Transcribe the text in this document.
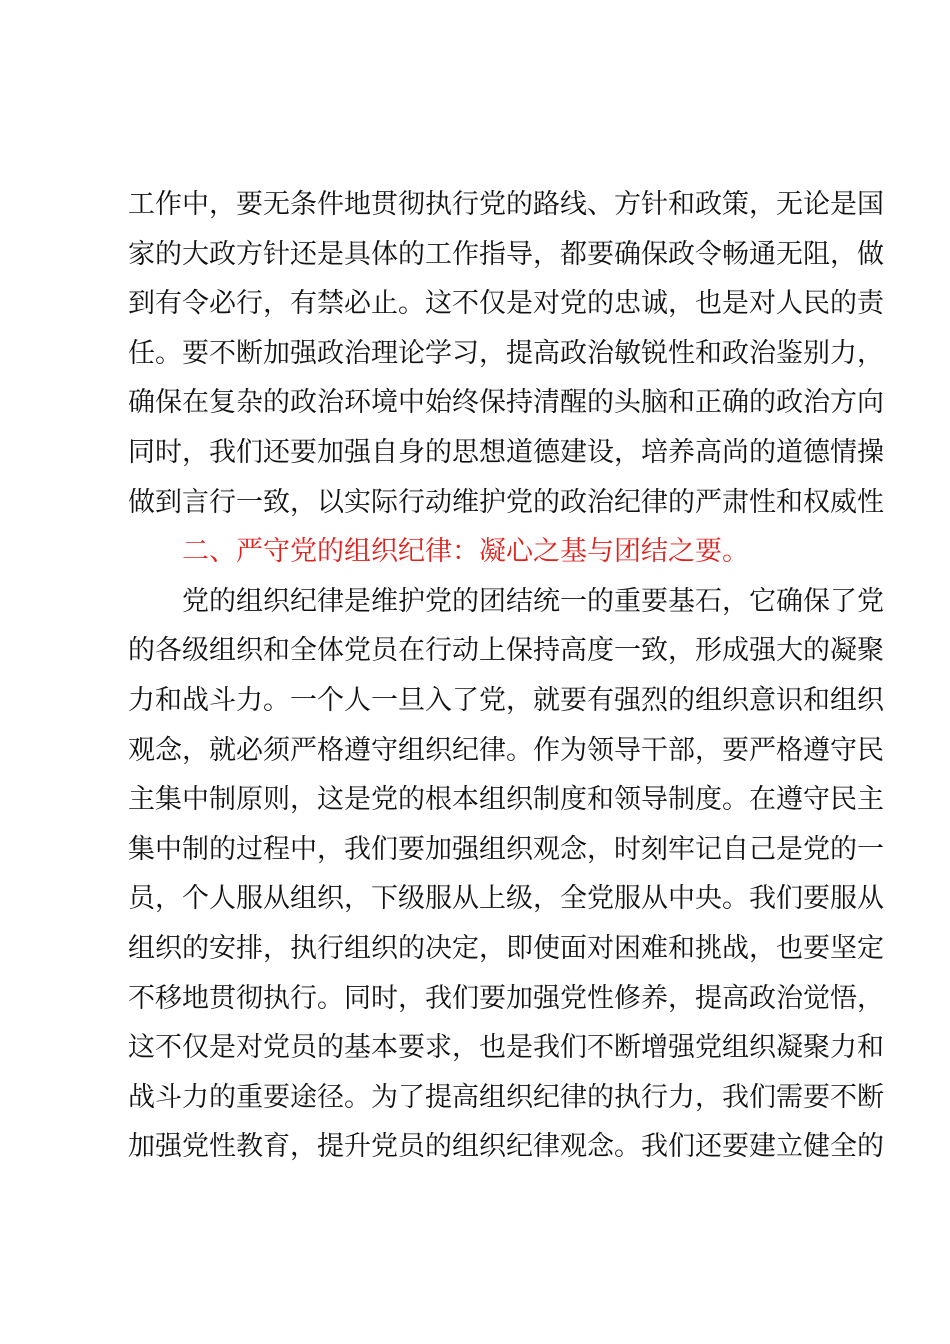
工作中，要无条件地贯彻执行党的路线、方针和政策，无论是国
家的大政方针还是具体的工作指导，都要确保政令畅通无阻，做
到有令必行，有禁必止。这不仅是对党的忠诚，也是对人民的责
任。要不断加强政治理论学习，提高政治敏锐性和政治鉴别力，
确保在复杂的政治环境中始终保持清醒的头脑和正确的政治方向
同时，我们还要加强自身的思想道德建设，培养高尚的道德情操
做到言行一致，以实际行动维护党的政治纪律的严肃性和权威性
二、严守党的组织纪律：凝心之基与团结之要。
党的组织纪律是维护党的团结统一的重要基石，它确保了党
的各级组织和全体党员在行动上保持高度一致，形成强大的凝聚
力和战斗力。一个人一旦入了党，就要有强烈的组织意识和组织
观念，就必须严格遵守组织纪律。作为领导干部，要严格遵守民
主集中制原则，这是党的根本组织制度和领导制度。在遵守民主
集中制的过程中，我们要加强组织观念，时刻牢记自己是党的一
员，个人服从组织，下级服从上级，全党服从中央。我们要服从
组织的安排，执行组织的决定，即使面对困难和挑战，也要坚定
不移地贯彻执行。同时，我们要加强党性修养，提高政治觉悟，
这不仅是对党员的基本要求，也是我们不断增强党组织凝聚力和
战斗力的重要途径。为了提高组织纪律的执行力，我们需要不断
加强党性教育，提升党员的组织纪律观念。我们还要建立健全的
